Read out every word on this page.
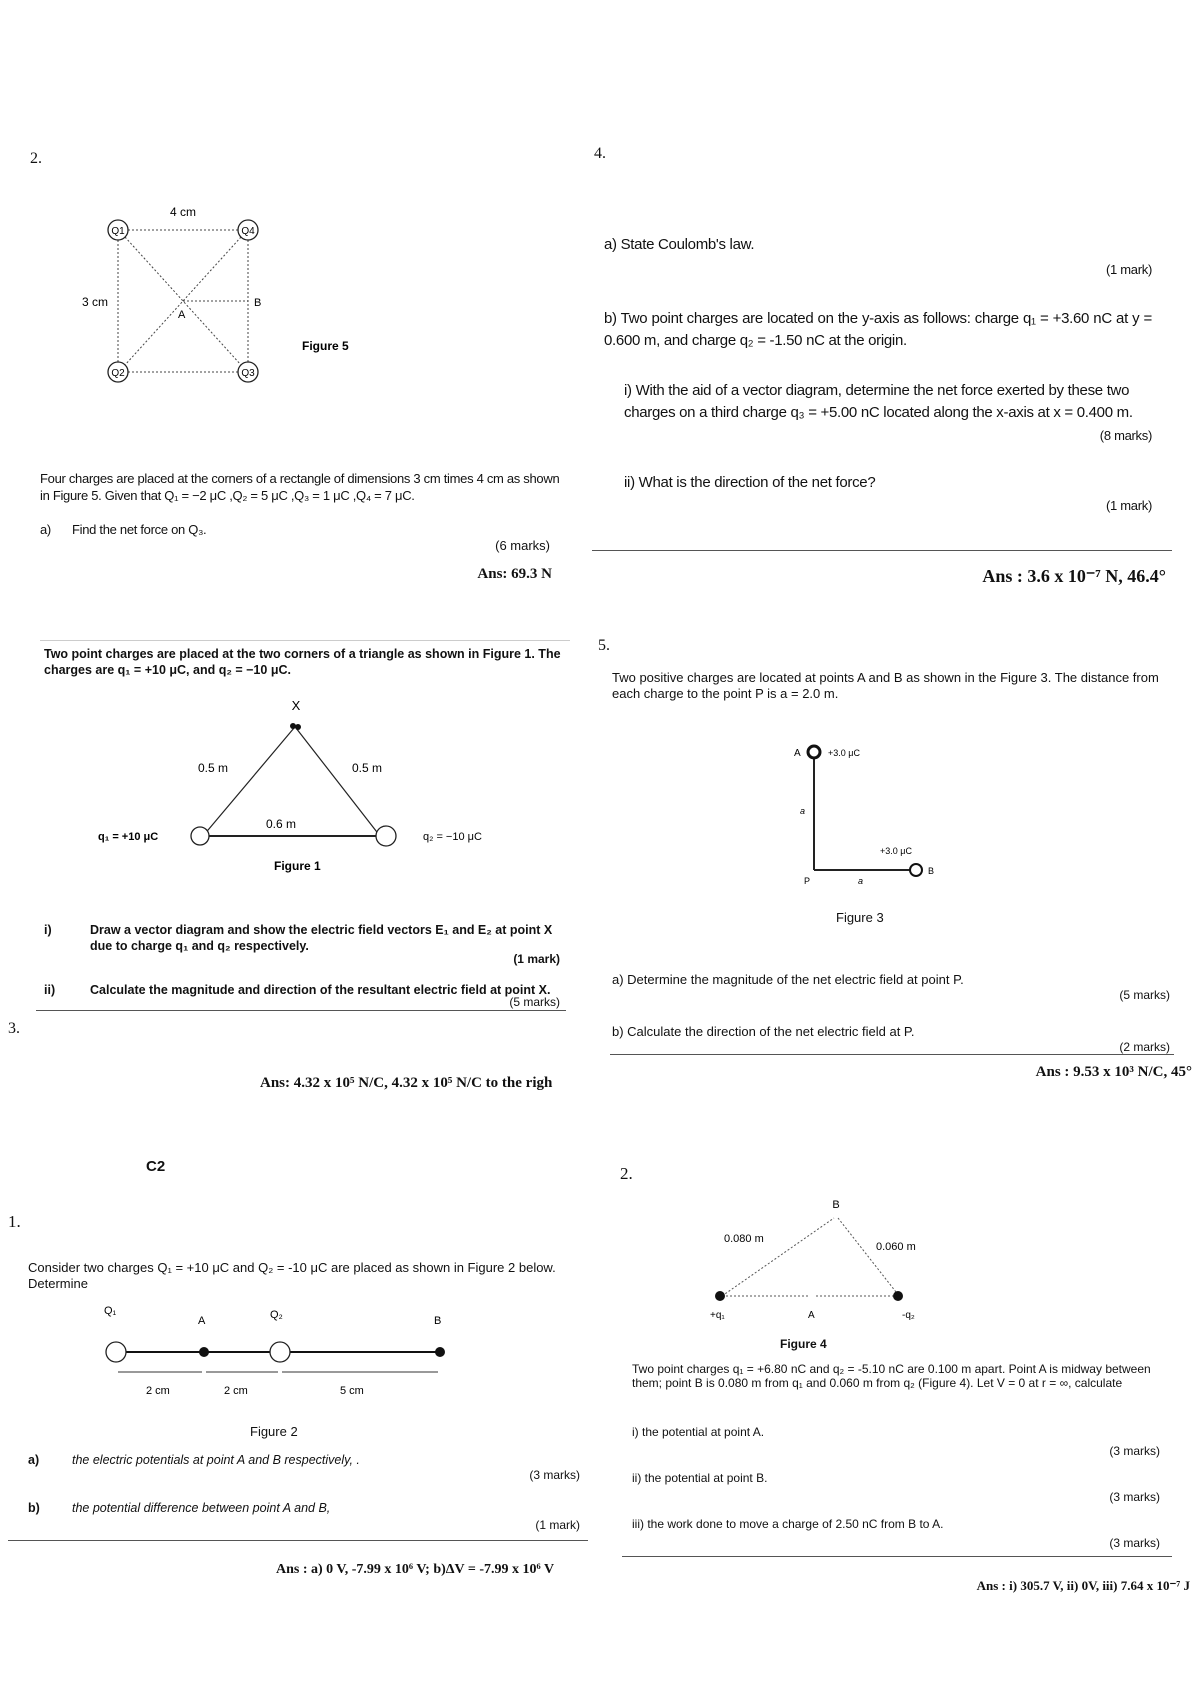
2.
Q1	Q4
Q2	Q3
4 cm
3 cm
A
B
Figure 5
Four charges are placed at the corners of a rectangle of dimensions 3 cm times 4 cm as shown in Figure 5. Given that Q₁ = −2 μC ,Q₂ = 5 μC ,Q₃ = 1 μC ,Q₄ = 7 μC.
a) Find the net force on Q₃.
(6 marks)
Ans: 69.3 N
4.
a) State Coulomb's law.
(1 mark)
b) Two point charges are located on the y-axis as follows: charge q₁ = +3.60 nC at y = 0.600 m, and charge q₂ = -1.50 nC at the origin.
i) With the aid of a vector diagram, determine the net force exerted by these two charges on a third charge q₃ = +5.00 nC located along the x-axis at x = 0.400 m.
(8 marks)
ii) What is the direction of the net force?
(1 mark)
Ans : 3.6 x 10⁻⁷ N, 46.4°
Two point charges are placed at the two corners of a triangle as shown in Figure 1. The charges are q₁ = +10 μC, and q₂ = −10 μC.
X
0.5 m	0.5 m
0.6 m
q₁ = +10 μC	q₂ = −10 μC
Figure 1
i)	Draw a vector diagram and show the electric field vectors E₁ and E₂ at point X due to charge q₁ and q₂ respectively.
(1 mark)
ii)	Calculate the magnitude and direction of the resultant electric field at point X.
(5 marks)
3.
Ans: 4.32 x 10⁵ N/C, 4.32 x 10⁵ N/C to the righ
5.
Two positive charges are located at points A and B as shown in the Figure 3. The distance from each charge to the point P is a = 2.0 m.
A	+3.0 μC
a
P	a
+3.0 μC
B
Figure 3
a) Determine the magnitude of the net electric field at point P.
(5 marks)
b) Calculate the direction of the net electric field at P.
(2 marks)
Ans : 9.53 x 10³ N/C, 45°
C2
1.
Consider two charges Q₁ = +10 μC and Q₂ = -10 μC are placed as shown in Figure 2 below. Determine
Q₁
A	Q₂	B
2 cm	2 cm	5 cm
Figure 2
a)	the electric potentials at point A and B respectively, .
(3 marks)
b)	the potential difference between point A and B,
(1 mark)
Ans : a) 0 V, -7.99 x 10⁶ V; b)ΔV = -7.99 x 10⁶ V
2.
B
0.080 m
0.060 m
+q₁	A	-q₂
Figure 4
Two point charges q₁ = +6.80 nC and q₂ = -5.10 nC are 0.100 m apart. Point A is midway between them; point B is 0.080 m from q₁ and 0.060 m from q₂ (Figure 4). Let V = 0 at r = ∞, calculate
i) the potential at point A.
(3 marks)
ii) the potential at point B.
(3 marks)
iii) the work done to move a charge of 2.50 nC from B to A.
(3 marks)
Ans : i) 305.7 V, ii) 0V, iii) 7.64 x 10⁻⁷ J
